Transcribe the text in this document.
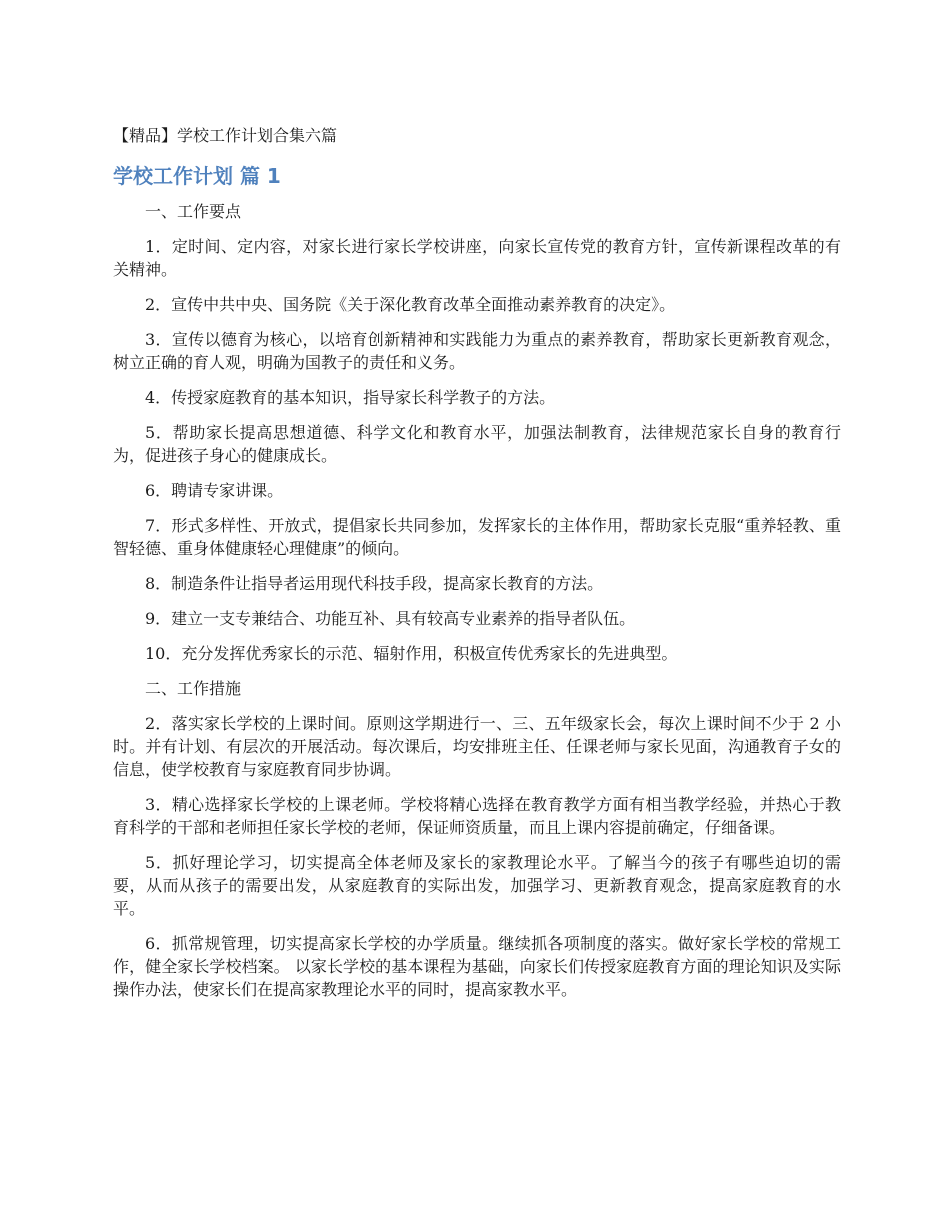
【精品】学校工作计划合集六篇
学校工作计划 篇 1

一、工作要点

1．定时间、定内容，对家长进行家长学校讲座，向家长宣传党的教育方针，宣传新课程改革的有关精神。

2．宣传中共中央、国务院《关于深化教育改革全面推动素养教育的决定》。

3．宣传以德育为核心，以培育创新精神和实践能力为重点的素养教育，帮助家长更新教育观念，树立正确的育人观，明确为国教子的责任和义务。

4．传授家庭教育的基本知识，指导家长科学教子的方法。

5．帮助家长提高思想道德、科学文化和教育水平，加强法制教育，法律规范家长自身的教育行为，促进孩子身心的健康成长。

6．聘请专家讲课。

7．形式多样性、开放式，提倡家长共同参加，发挥家长的主体作用，帮助家长克服“重养轻教、重智轻德、重身体健康轻心理健康”的倾向。

8．制造条件让指导者运用现代科技手段，提高家长教育的方法。

9．建立一支专兼结合、功能互补、具有较高专业素养的指导者队伍。

10．充分发挥优秀家长的示范、辐射作用，积极宣传优秀家长的先进典型。

二、工作措施

2．落实家长学校的上课时间。原则这学期进行一、三、五年级家长会，每次上课时间不少于 2 小时。并有计划、有层次的开展活动。每次课后，均安排班主任、任课老师与家长见面，沟通教育子女的信息，使学校教育与家庭教育同步协调。

3．精心选择家长学校的上课老师。学校将精心选择在教育教学方面有相当教学经验，并热心于教育科学的干部和老师担任家长学校的老师，保证师资质量，而且上课内容提前确定，仔细备课。

5．抓好理论学习，切实提高全体老师及家长的家教理论水平。了解当今的孩子有哪些迫切的需要，从而从孩子的需要出发，从家庭教育的实际出发，加强学习、更新教育观念，提高家庭教育的水平。

6．抓常规管理，切实提高家长学校的办学质量。继续抓各项制度的落实。做好家长学校的常规工作，健全家长学校档案。 以家长学校的基本课程为基础，向家长们传授家庭教育方面的理论知识及实际操作办法，使家长们在提高家教理论水平的同时，提高家教水平。
